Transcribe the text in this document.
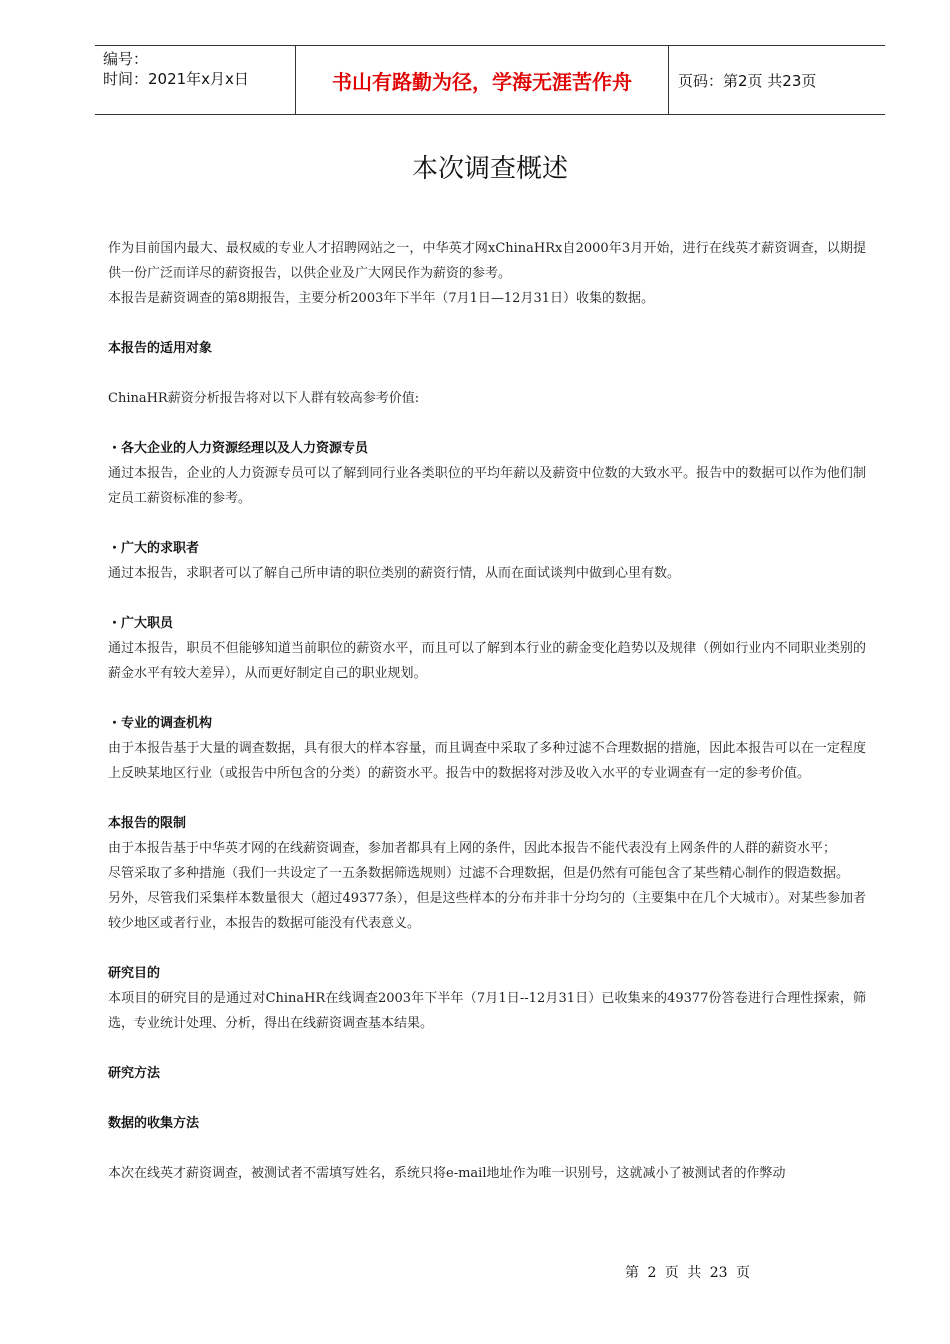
编号：
时间：2021年x月x日	书山有路勤为径，学海无涯苦作舟	页码：第2页 共23页
本次调查概述

作为目前国内最大、最权威的专业人才招聘网站之一，中华英才网xChinaHRx自2000年3月开始，进行在线英才薪资调查，以期提供一份广泛而详尽的薪资报告，以供企业及广大网民作为薪资的参考。

本报告是薪资调查的第8期报告，主要分析2003年下半年（7月1日—12月31日）收集的数据。

本报告的适用对象

ChinaHR薪资分析报告将对以下人群有较高参考价值:

・各大企业的人力资源经理以及人力资源专员

通过本报告，企业的人力资源专员可以了解到同行业各类职位的平均年薪以及薪资中位数的大致水平。报告中的数据可以作为他们制定员工薪资标准的参考。

・广大的求职者

通过本报告，求职者可以了解自己所申请的职位类别的薪资行情，从而在面试谈判中做到心里有数。

・广大职员

通过本报告，职员不但能够知道当前职位的薪资水平，而且可以了解到本行业的薪金变化趋势以及规律（例如行业内不同职业类别的薪金水平有较大差异），从而更好制定自己的职业规划。

・专业的调查机构

由于本报告基于大量的调查数据，具有很大的样本容量，而且调查中采取了多种过滤不合理数据的措施，因此本报告可以在一定程度上反映某地区行业（或报告中所包含的分类）的薪资水平。报告中的数据将对涉及收入水平的专业调查有一定的参考价值。

本报告的限制

由于本报告基于中华英才网的在线薪资调查，参加者都具有上网的条件，因此本报告不能代表没有上网条件的人群的薪资水平；

尽管采取了多种措施（我们一共设定了一五条数据筛选规则）过滤不合理数据，但是仍然有可能包含了某些精心制作的假造数据。

另外，尽管我们采集样本数量很大（超过49377条），但是这些样本的分布并非十分均匀的（主要集中在几个大城市）。对某些参加者较少地区或者行业，本报告的数据可能没有代表意义。

研究目的

本项目的研究目的是通过对ChinaHR在线调查2003年下半年（7月1日--12月31日）已收集来的49377份答卷进行合理性探索，筛选，专业统计处理、分析，得出在线薪资调查基本结果。

研究方法

数据的收集方法

本次在线英才薪资调查，被测试者不需填写姓名，系统只将e-mail地址作为唯一识别号，这就减小了被测试者的作弊动

第 2 页 共 23 页
